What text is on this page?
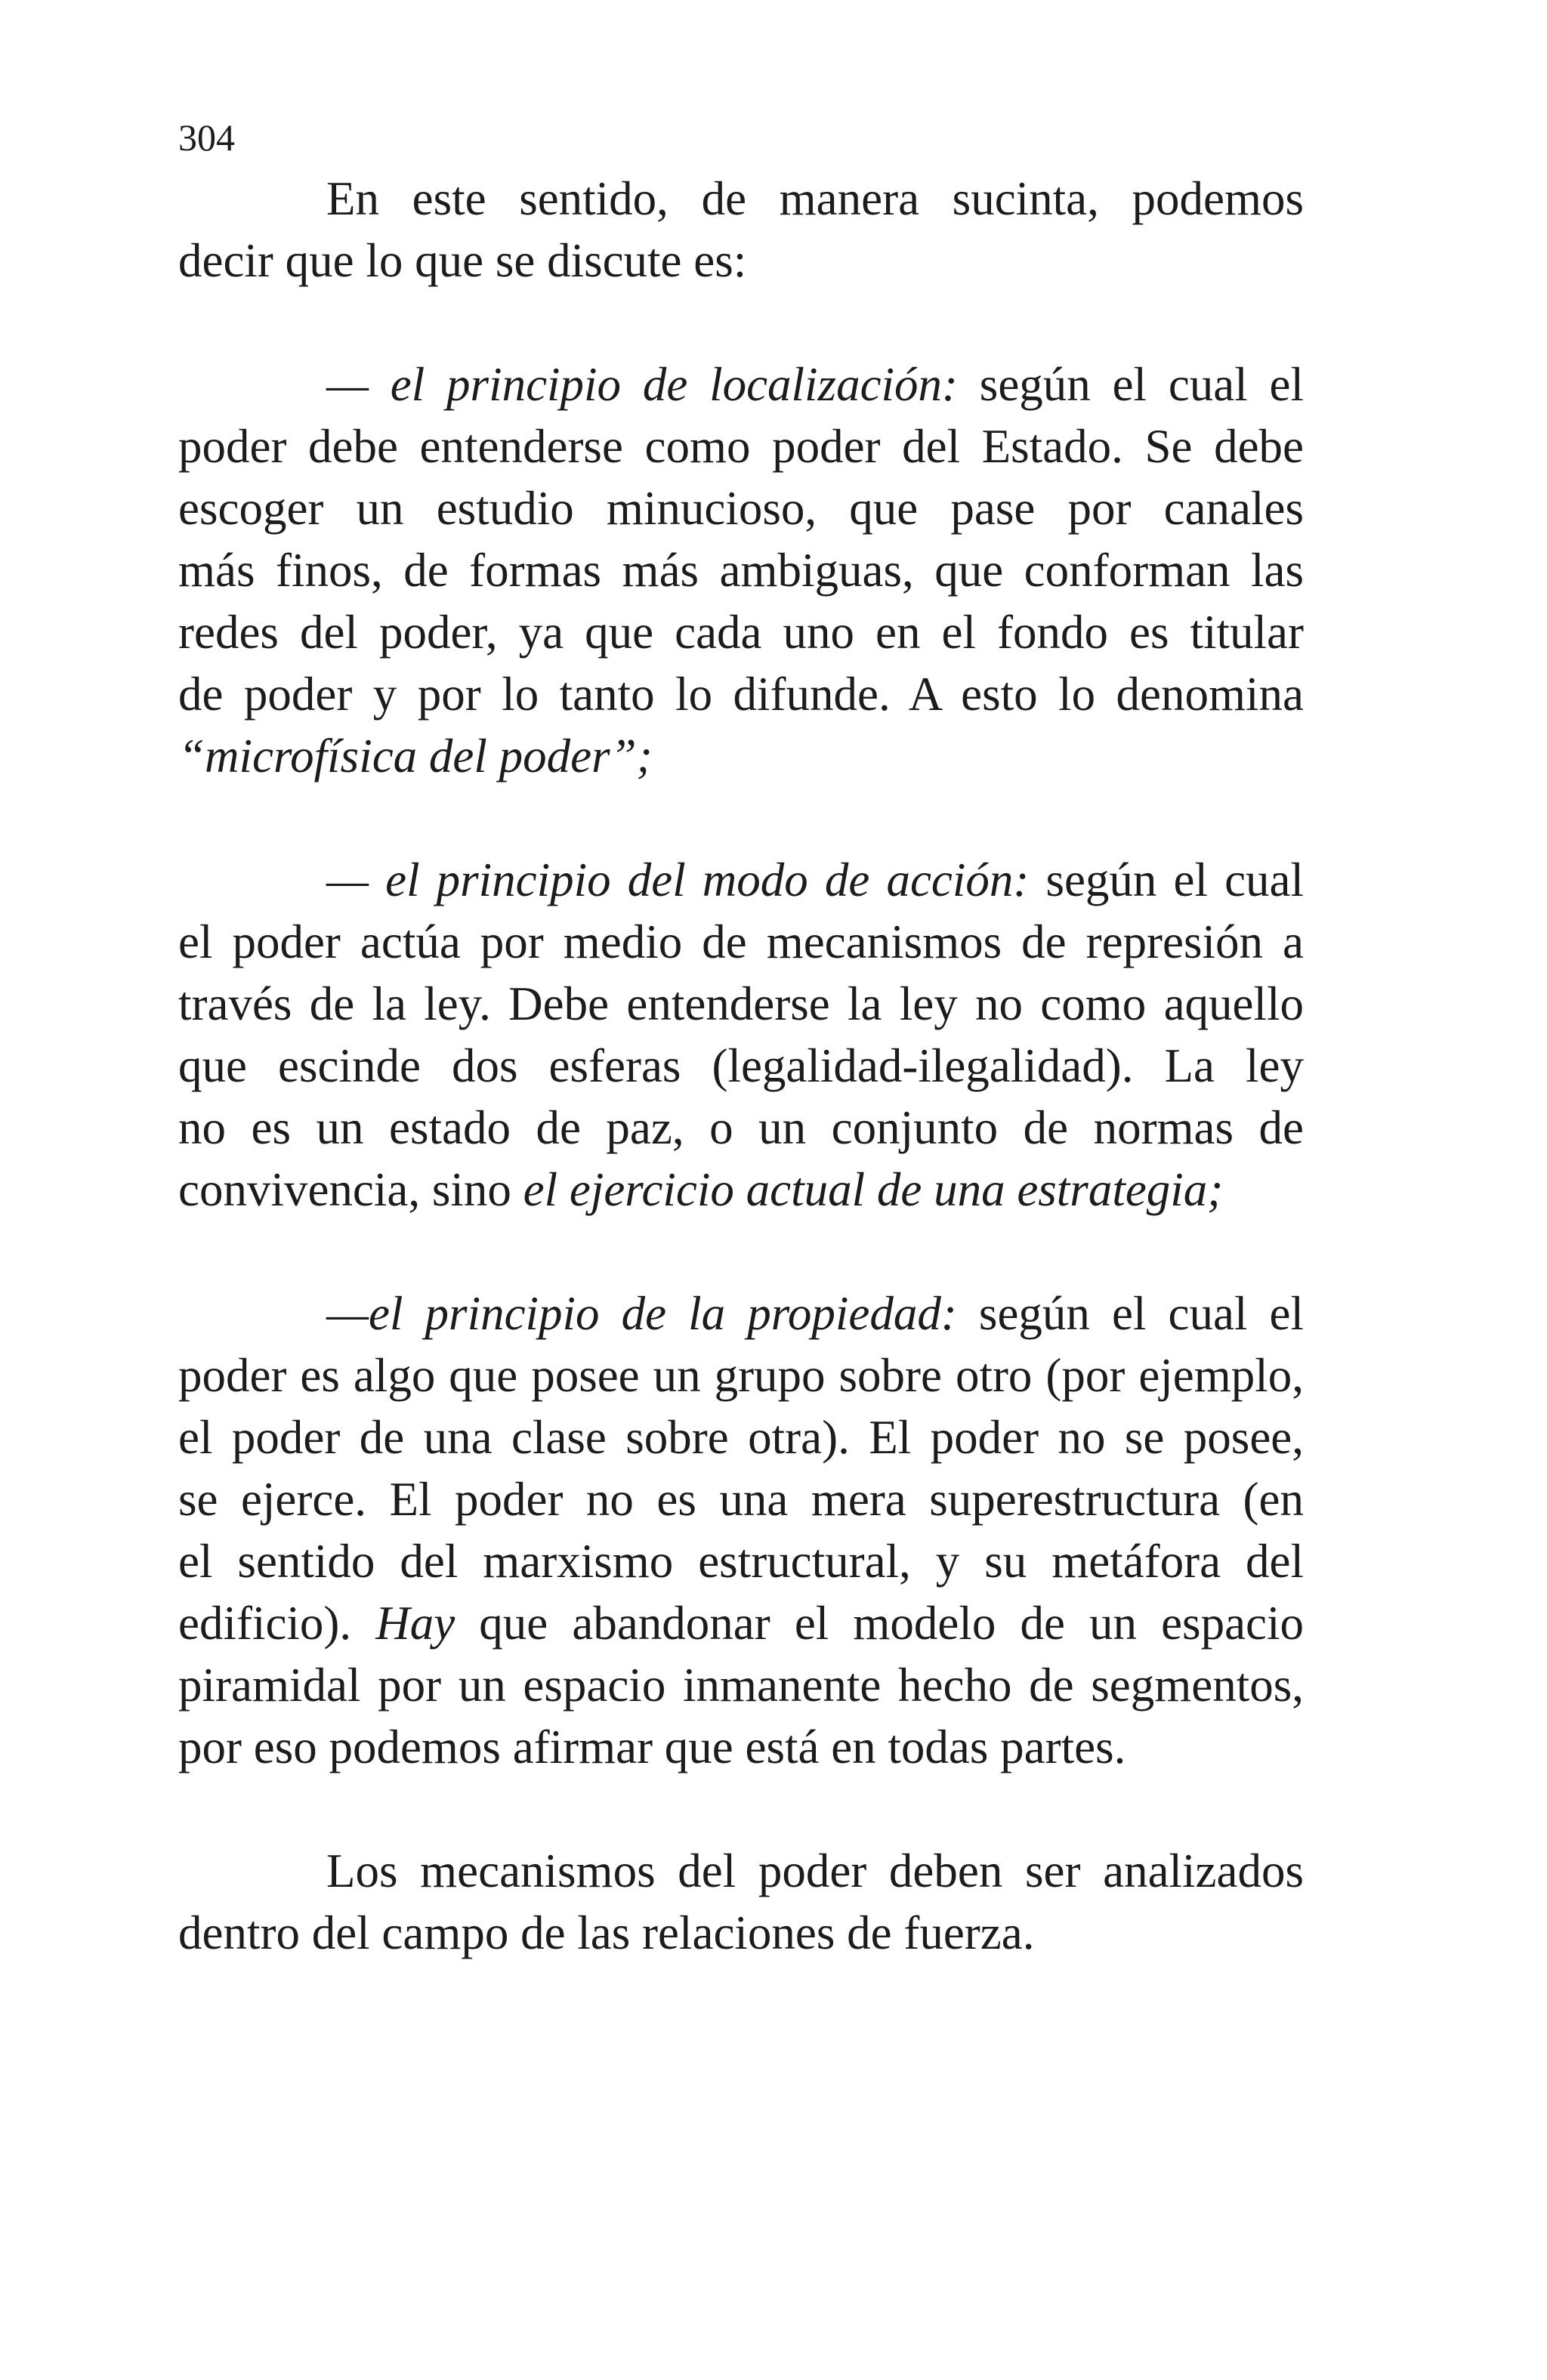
304
En este sentido, de manera sucinta, podemos
decir que lo que se discute es:
— el principio de localización: según el cual el
poder debe entenderse como poder del Estado. Se debe
escoger un estudio minucioso, que pase por canales
más finos, de formas más ambiguas, que conforman las
redes del poder, ya que cada uno en el fondo es titular
de poder y por lo tanto lo difunde. A esto lo denomina
“microfísica del poder”;
— el principio del modo de acción: según el cual
el poder actúa por medio de mecanismos de represión a
través de la ley. Debe entenderse la ley no como aquello
que escinde dos esferas (legalidad-ilegalidad). La ley
no es un estado de paz, o un conjunto de normas de
convivencia, sino el ejercicio actual de una estrategia;
—el principio de la propiedad: según el cual el
poder es algo que posee un grupo sobre otro (por ejemplo,
el poder de una clase sobre otra). El poder no se posee,
se ejerce. El poder no es una mera superestructura (en
el sentido del marxismo estructural, y su metáfora del
edificio). Hay que abandonar el modelo de un espacio
piramidal por un espacio inmanente hecho de segmentos,
por eso podemos afirmar que está en todas partes.
Los mecanismos del poder deben ser analizados
dentro del campo de las relaciones de fuerza.
